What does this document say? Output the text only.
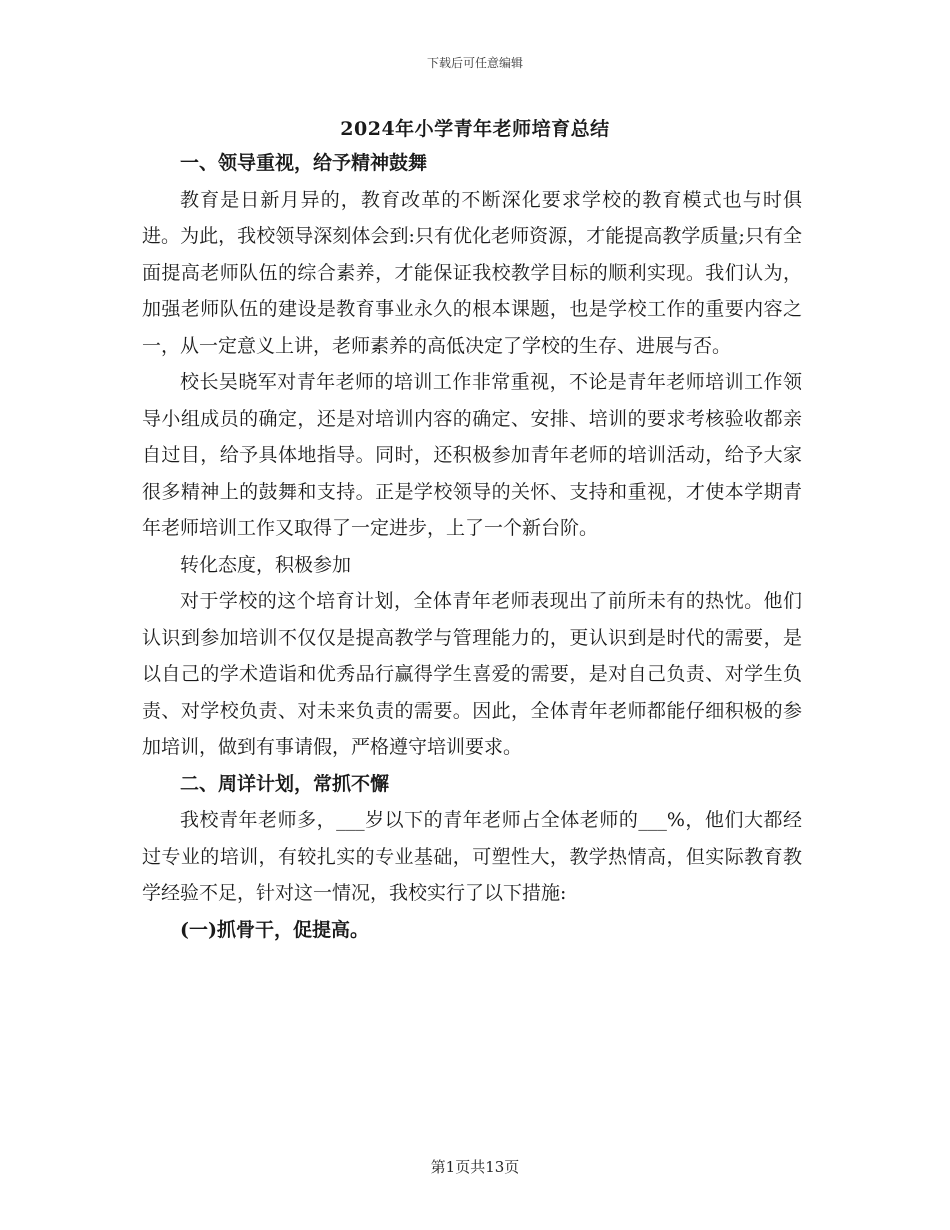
下载后可任意编辑
2024年小学青年老师培育总结

一、领导重视，给予精神鼓舞

教育是日新月异的，教育改革的不断深化要求学校的教育模式也与时俱进。为此，我校领导深刻体会到:只有优化老师资源，才能提高教学质量;只有全面提高老师队伍的综合素养，才能保证我校教学目标的顺利实现。我们认为，加强老师队伍的建设是教育事业永久的根本课题，也是学校工作的重要内容之一，从一定意义上讲，老师素养的高低决定了学校的生存、进展与否。

校长吴晓军对青年老师的培训工作非常重视，不论是青年老师培训工作领导小组成员的确定，还是对培训内容的确定、安排、培训的要求考核验收都亲自过目，给予具体地指导。同时，还积极参加青年老师的培训活动，给予大家很多精神上的鼓舞和支持。正是学校领导的关怀、支持和重视，才使本学期青年老师培训工作又取得了一定进步，上了一个新台阶。

转化态度，积极参加

对于学校的这个培育计划，全体青年老师表现出了前所未有的热忱。他们认识到参加培训不仅仅是提高教学与管理能力的，更认识到是时代的需要，是以自己的学术造诣和优秀品行赢得学生喜爱的需要，是对自己负责、对学生负责、对学校负责、对未来负责的需要。因此，全体青年老师都能仔细积极的参加培训，做到有事请假，严格遵守培训要求。

二、周详计划，常抓不懈

我校青年老师多，___岁以下的青年老师占全体老师的___%，他们大都经过专业的培训，有较扎实的专业基础，可塑性大，教学热情高，但实际教育教学经验不足，针对这一情况，我校实行了以下措施:

(一)抓骨干，促提高。

第1页共13页
